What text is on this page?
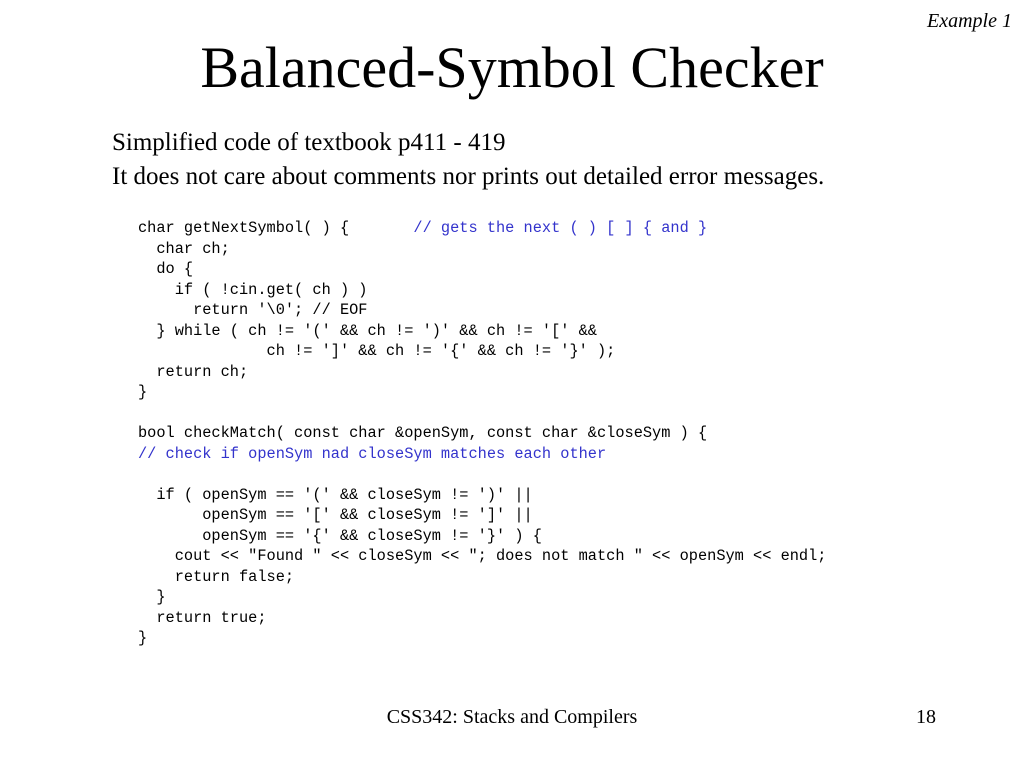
Example 1
Balanced-Symbol Checker
Simplified code of textbook p411 - 419
It does not care about comments nor prints out detailed error messages.
char getNextSymbol( ) {       // gets the next ( ) [ ] { and }
char ch;
do {
if ( !cin.get( ch ) )
return '\0'; // EOF
} while ( ch != '(' && ch != ')' && ch != '[' &&
ch != ']' && ch != '{' && ch != '}' );
return ch;
}
bool checkMatch( const char &openSym, const char &closeSym ) {
// check if openSym nad closeSym matches each other
if ( openSym == '(' && closeSym != ')' ||
openSym == '[' && closeSym != ']' ||
openSym == '{' && closeSym != '}' ) {
cout << "Found " << closeSym << "; does not match " << openSym << endl;
return false;
}
return true;
}
CSS342: Stacks and Compilers	18
